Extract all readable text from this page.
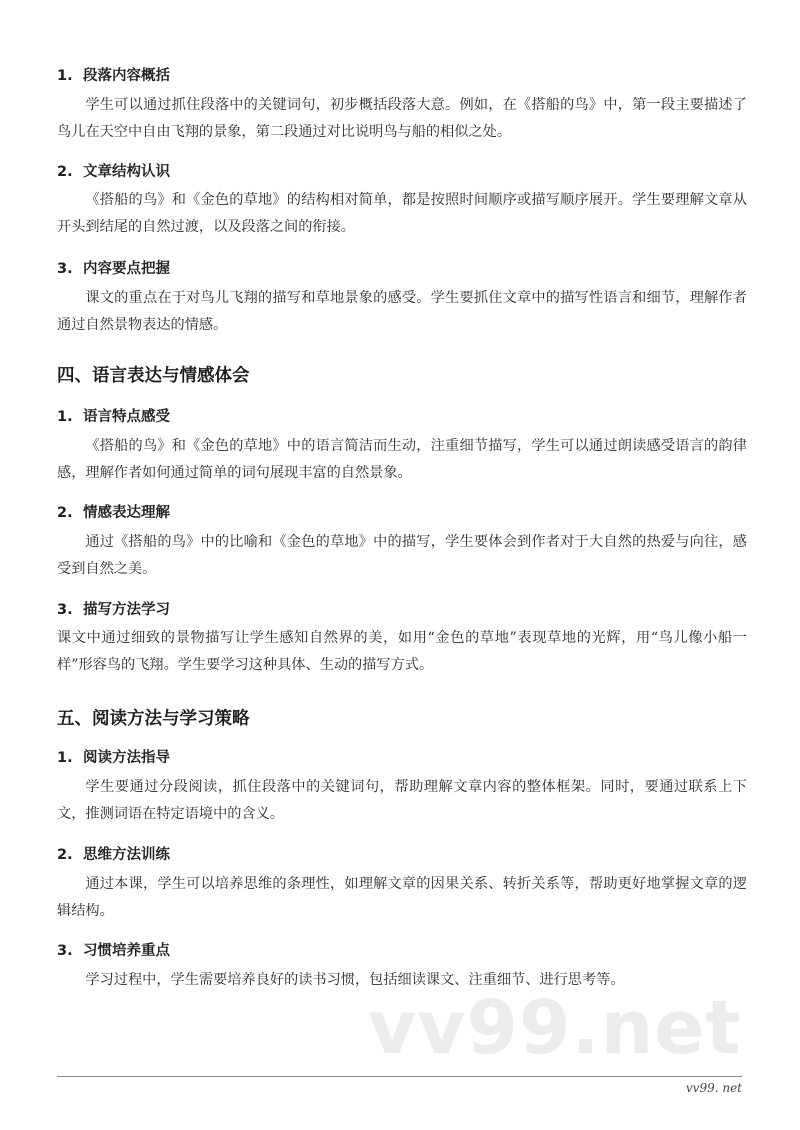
1. 段落内容概括
学生可以通过抓住段落中的关键词句，初步概括段落大意。例如，在《搭船的鸟》中，第一段主要描述了鸟儿在天空中自由飞翔的景象，第二段通过对比说明鸟与船的相似之处。
2. 文章结构认识
《搭船的鸟》和《金色的草地》的结构相对简单，都是按照时间顺序或描写顺序展开。学生要理解文章从开头到结尾的自然过渡，以及段落之间的衔接。
3. 内容要点把握
课文的重点在于对鸟儿飞翔的描写和草地景象的感受。学生要抓住文章中的描写性语言和细节，理解作者通过自然景物表达的情感。
四、语言表达与情感体会
1. 语言特点感受
《搭船的鸟》和《金色的草地》中的语言简洁而生动，注重细节描写，学生可以通过朗读感受语言的韵律感，理解作者如何通过简单的词句展现丰富的自然景象。
2. 情感表达理解
通过《搭船的鸟》中的比喻和《金色的草地》中的描写，学生要体会到作者对于大自然的热爱与向往，感受到自然之美。
3. 描写方法学习
课文中通过细致的景物描写让学生感知自然界的美，如用“金色的草地”表现草地的光辉，用“鸟儿像小船一样”形容鸟的飞翔。学生要学习这种具体、生动的描写方式。
五、阅读方法与学习策略
1. 阅读方法指导
学生要通过分段阅读，抓住段落中的关键词句，帮助理解文章内容的整体框架。同时，要通过联系上下文，推测词语在特定语境中的含义。
2. 思维方法训练
通过本课，学生可以培养思维的条理性，如理解文章的因果关系、转折关系等，帮助更好地掌握文章的逻辑结构。
3. 习惯培养重点
学习过程中，学生需要培养良好的读书习惯，包括细读课文、注重细节、进行思考等。
vv99.net
vv99. net
